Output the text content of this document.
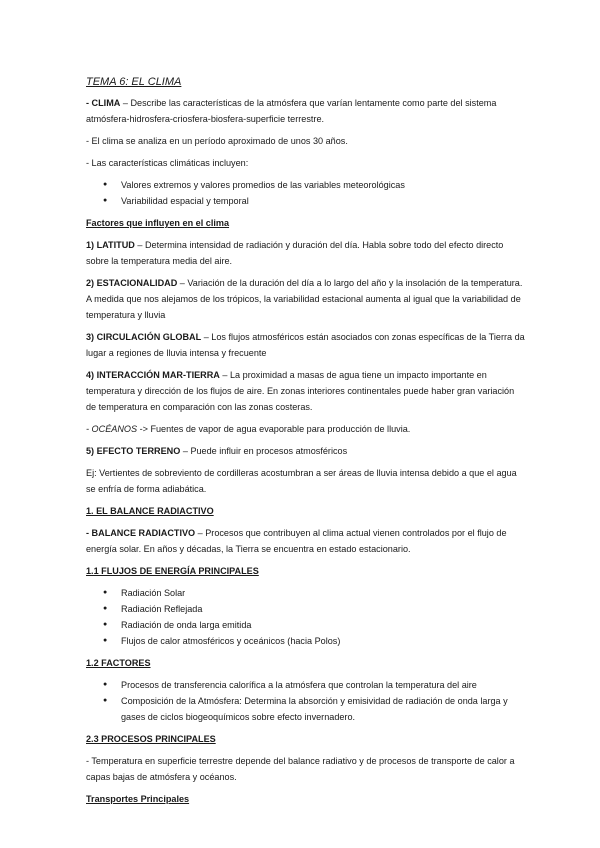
TEMA 6: EL CLIMA

- CLIMA – Describe las características de la atmósfera que varían lentamente como parte del sistema atmósfera-hidrosfera-criosfera-biosfera-superficie terrestre.

- El clima se analiza en un período aproximado de unos 30 años.

- Las características climáticas incluyen:

● Valores extremos y valores promedios de las variables meteorológicas
● Variabilidad espacial y temporal
Factores que influyen en el clima

1) LATITUD – Determina intensidad de radiación y duración del día. Habla sobre todo del efecto directo sobre la temperatura media del aire.

2) ESTACIONALIDAD – Variación de la duración del día a lo largo del año y la insolación de la temperatura. A medida que nos alejamos de los trópicos, la variabilidad estacional aumenta al igual que la variabilidad de temperatura y lluvia

3) CIRCULACIÓN GLOBAL – Los flujos atmosféricos están asociados con zonas específicas de la Tierra da lugar a regiones de lluvia intensa y frecuente

4) INTERACCIÓN MAR-TIERRA – La proximidad a masas de agua tiene un impacto importante en temperatura y dirección de los flujos de aire. En zonas interiores continentales puede haber gran variación de temperatura en comparación con las zonas costeras.

- OCÉANOS -> Fuentes de vapor de agua evaporable para producción de lluvia.

5) EFECTO TERRENO – Puede influir en procesos atmosféricos

Ej: Vertientes de sobreviento de cordilleras acostumbran a ser áreas de lluvia intensa debido a que el agua se enfría de forma adiabática.

1. EL BALANCE RADIACTIVO

- BALANCE RADIACTIVO – Procesos que contribuyen al clima actual vienen controlados por el flujo de energía solar. En años y décadas, la Tierra se encuentra en estado estacionario.

1.1 FLUJOS DE ENERGÍA PRINCIPALES
● Radiación Solar
● Radiación Reflejada
● Radiación de onda larga emitida
● Flujos de calor atmosféricos y oceánicos (hacia Polos)
1.2 FACTORES
● Procesos de transferencia calorífica a la atmósfera que controlan la temperatura del aire
● Composición de la Atmósfera: Determina la absorción y emisividad de radiación de onda larga y gases de ciclos biogeoquímicos sobre efecto invernadero.
2.3 PROCESOS PRINCIPALES

- Temperatura en superficie terrestre depende del balance radiativo y de procesos de transporte de calor a capas bajas de atmósfera y océanos.

Transportes Principales
